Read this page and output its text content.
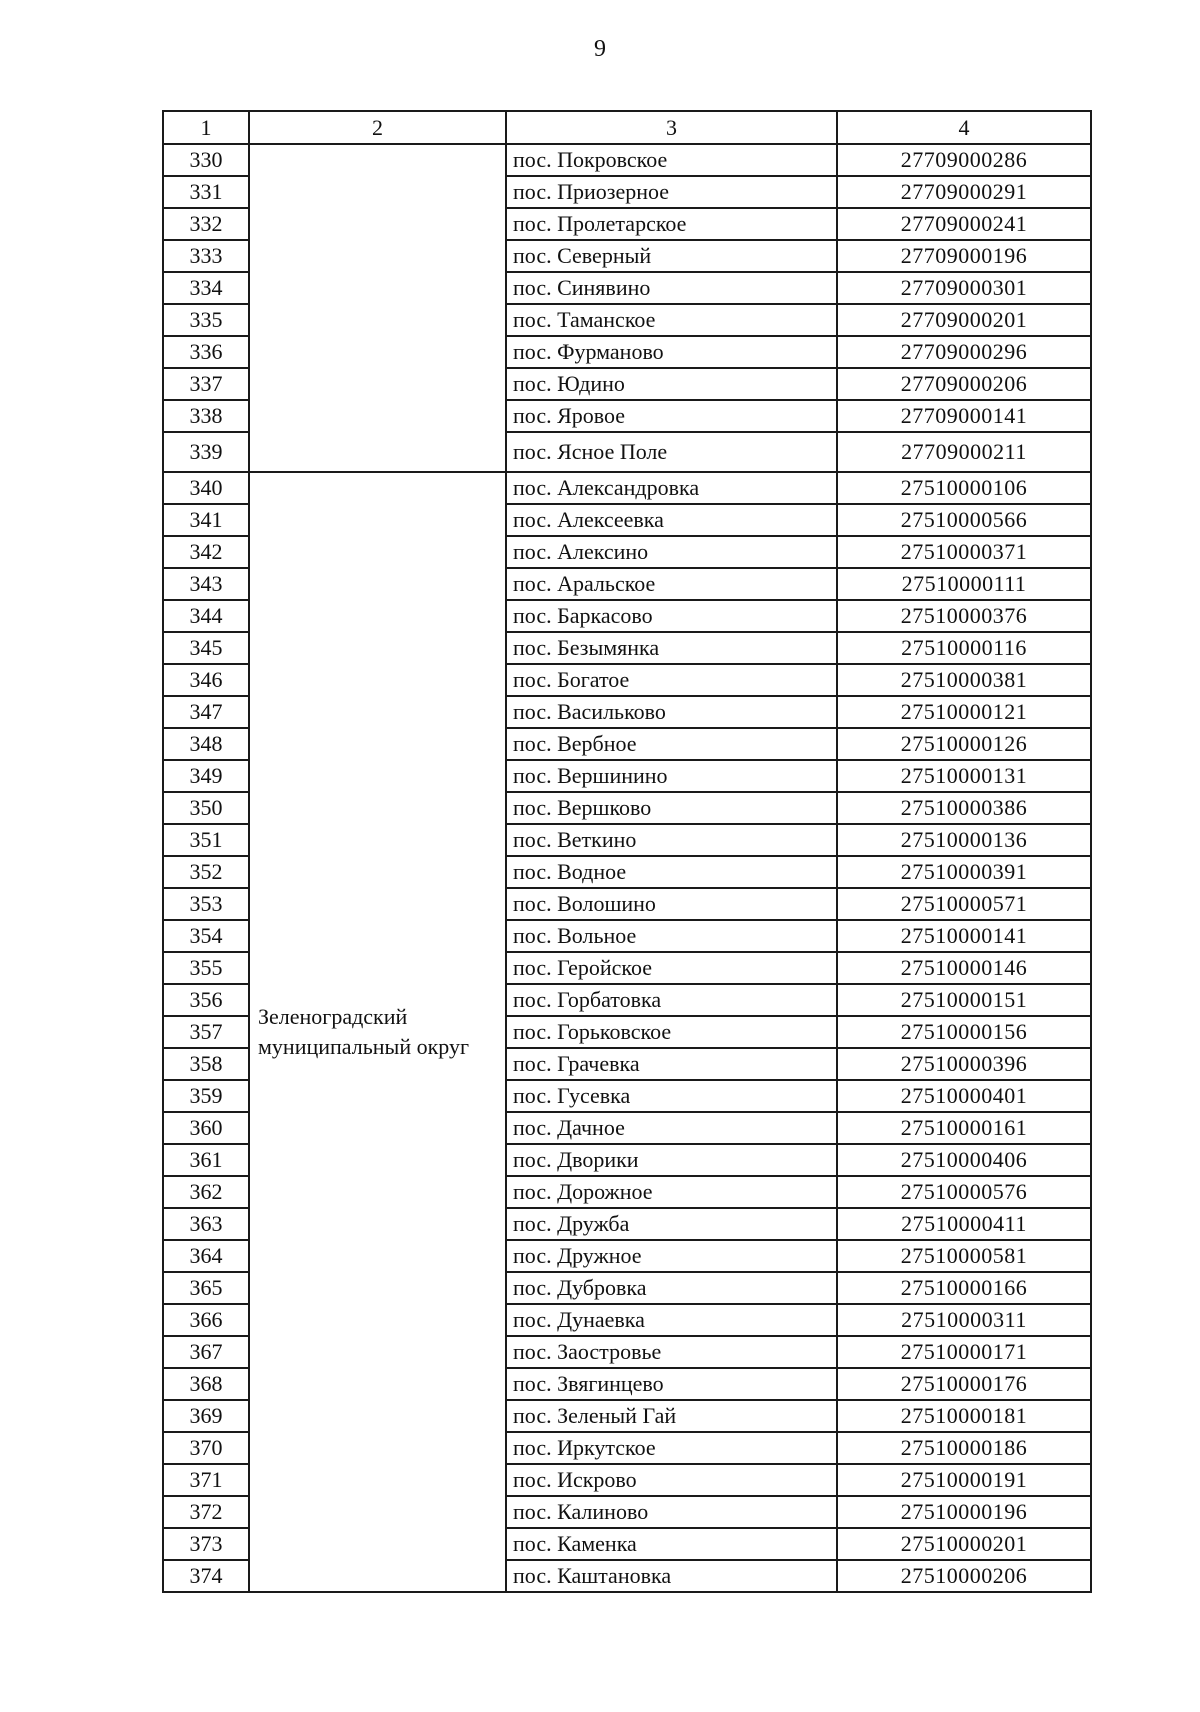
9
1	2	3	4
330		пос. Покровское	27709000286
331		пос. Приозерное	27709000291
332		пос. Пролетарское	27709000241
333		пос. Северный	27709000196
334		пос. Синявино	27709000301
335		пос. Таманское	27709000201
336		пос. Фурманово	27709000296
337		пос. Юдино	27709000206
338		пос. Яровое	27709000141
339		пос. Ясное Поле	27709000211
340	Зеленоградский муниципальный округ	пос. Александровка	27510000106
341		пос. Алексеевка	27510000566
342		пос. Алексино	27510000371
343		пос. Аральское	27510000111
344		пос. Баркасово	27510000376
345		пос. Безымянка	27510000116
346		пос. Богатое	27510000381
347		пос. Васильково	27510000121
348		пос. Вербное	27510000126
349		пос. Вершинино	27510000131
350		пос. Вершково	27510000386
351		пос. Веткино	27510000136
352		пос. Водное	27510000391
353		пос. Волошино	27510000571
354		пос. Вольное	27510000141
355		пос. Геройское	27510000146
356		пос. Горбатовка	27510000151
357		пос. Горьковское	27510000156
358		пос. Грачевка	27510000396
359		пос. Гусевка	27510000401
360		пос. Дачное	27510000161
361		пос. Дворики	27510000406
362		пос. Дорожное	27510000576
363		пос. Дружба	27510000411
364		пос. Дружное	27510000581
365		пос. Дубровка	27510000166
366		пос. Дунаевка	27510000311
367		пос. Заостровье	27510000171
368		пос. Звягинцево	27510000176
369		пос. Зеленый Гай	27510000181
370		пос. Иркутское	27510000186
371		пос. Искрово	27510000191
372		пос. Калиново	27510000196
373		пос. Каменка	27510000201
374		пос. Каштановка	27510000206
